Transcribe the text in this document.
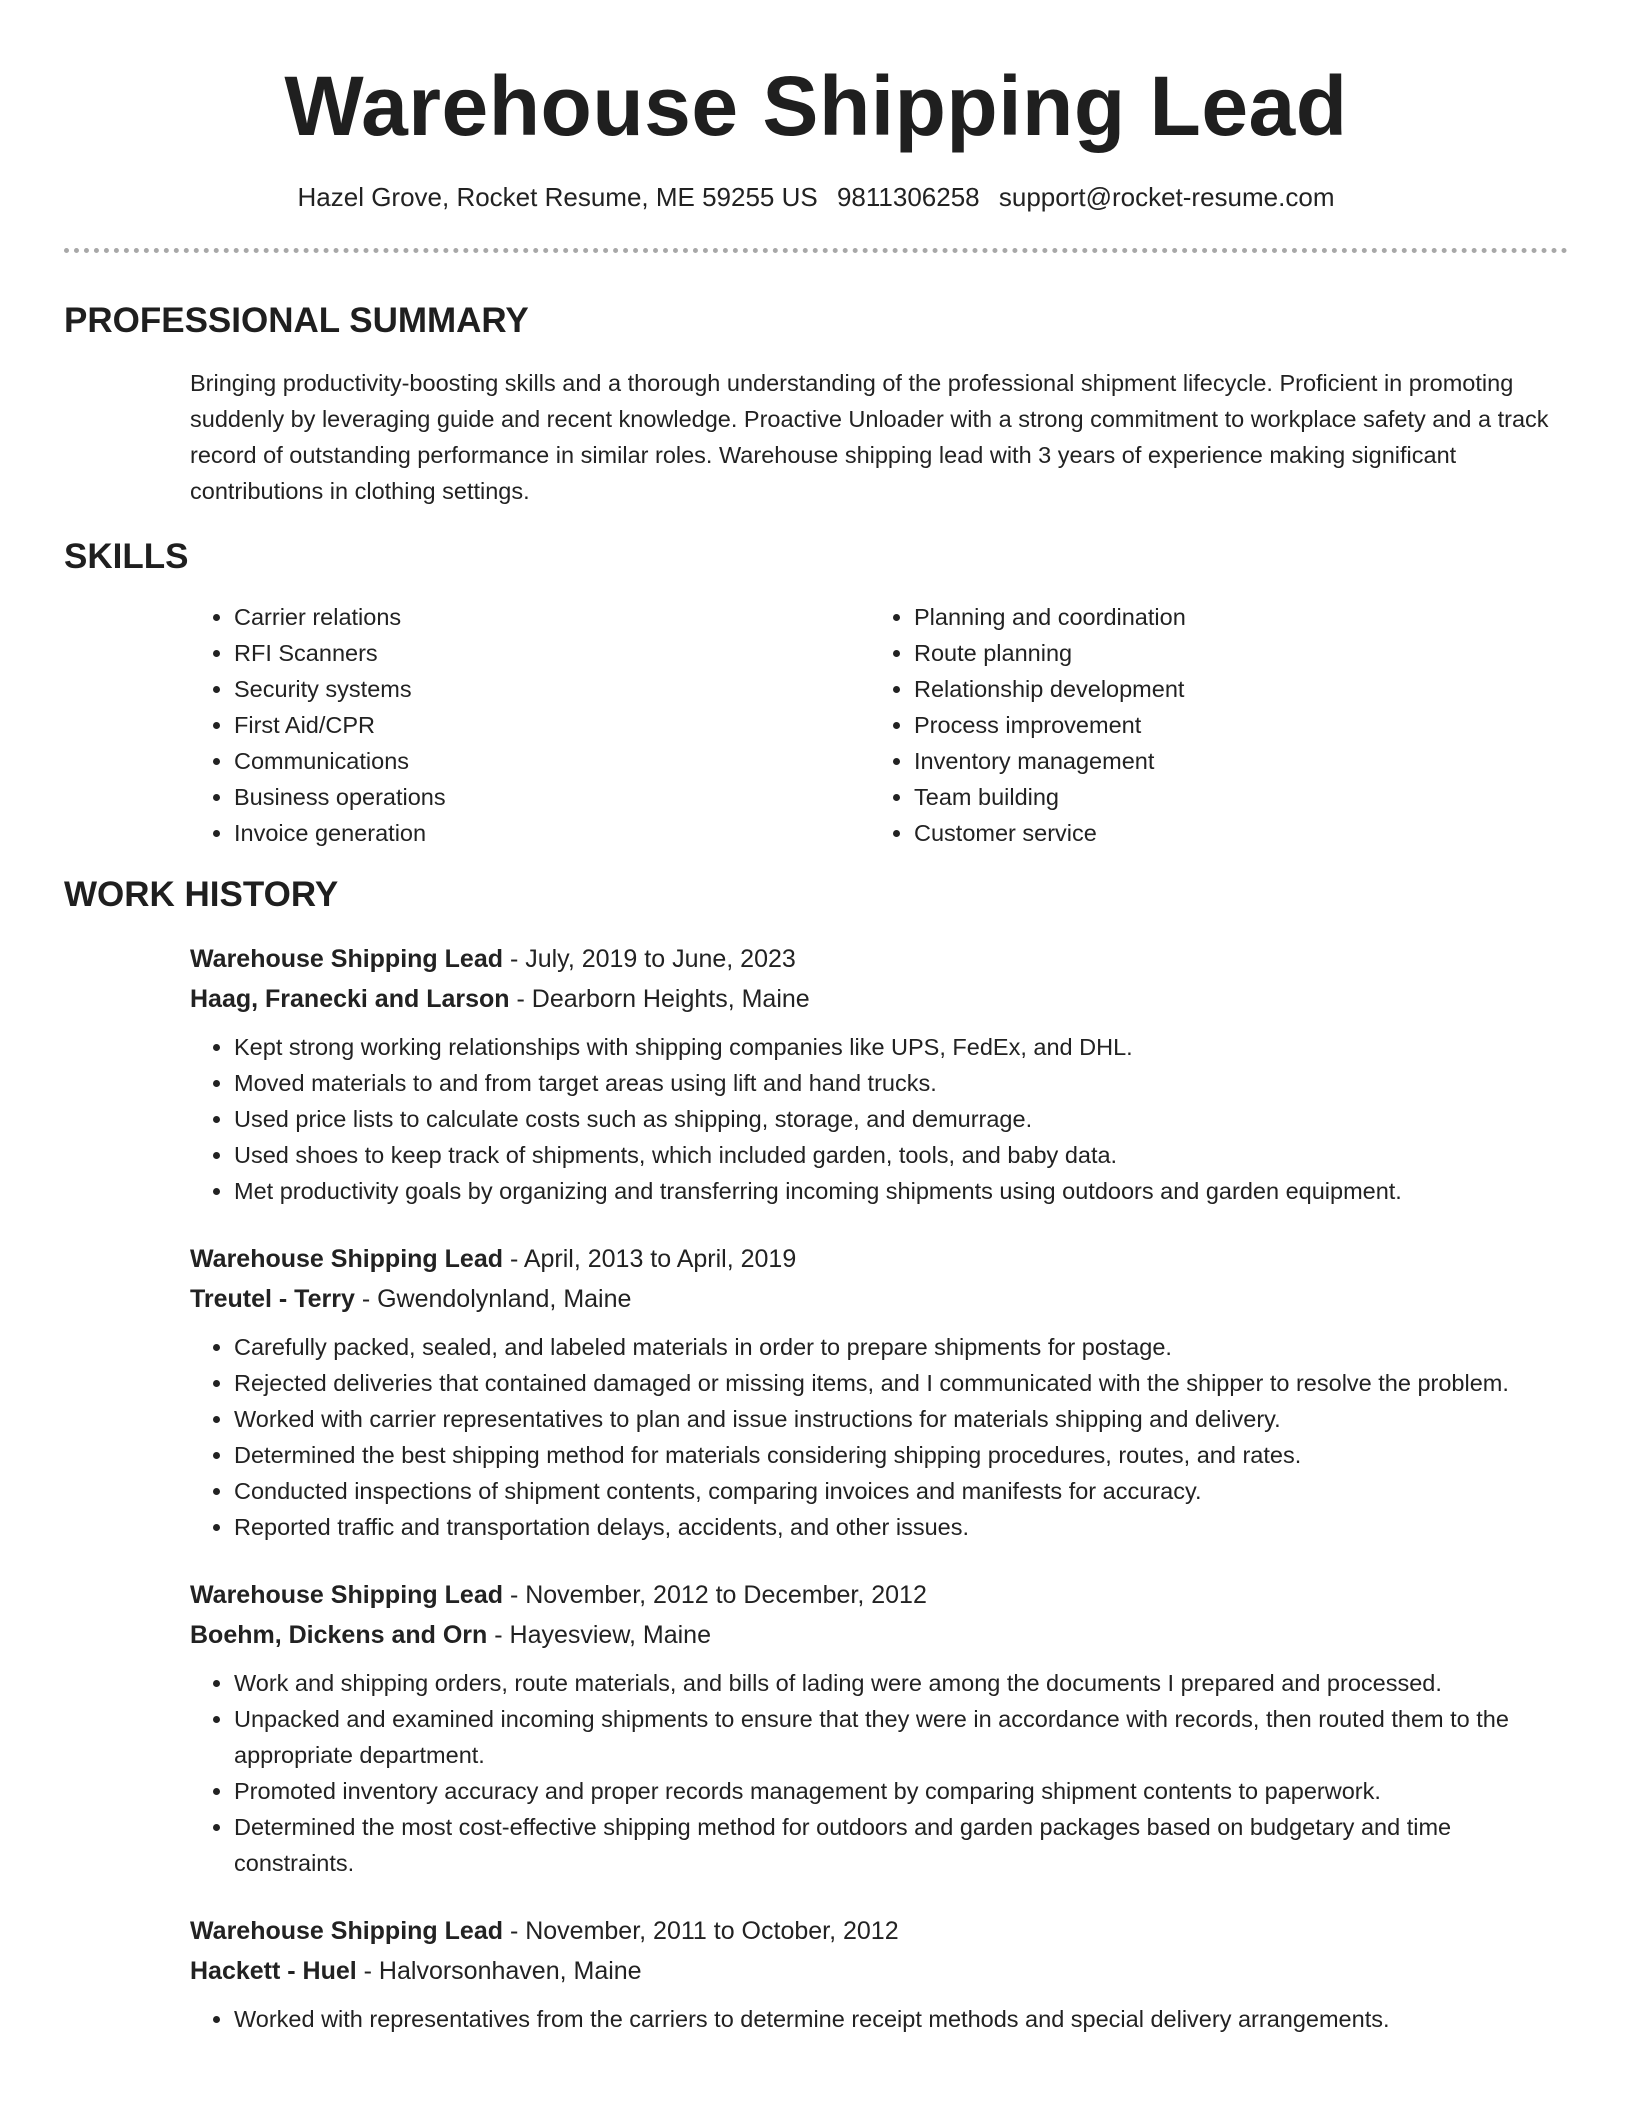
Warehouse Shipping Lead
Hazel Grove, Rocket Resume, ME 59255 US 9811306258 support@rocket-resume.com
PROFESSIONAL SUMMARY
Bringing productivity-boosting skills and a thorough understanding of the professional shipment lifecycle. Proficient in promoting suddenly by leveraging guide and recent knowledge. Proactive Unloader with a strong commitment to workplace safety and a track record of outstanding performance in similar roles. Warehouse shipping lead with 3 years of experience making significant contributions in clothing settings.
SKILLS
• Carrier relations
• RFI Scanners
• Security systems
• First Aid/CPR
• Communications
• Business operations
• Invoice generation
• Planning and coordination
• Route planning
• Relationship development
• Process improvement
• Inventory management
• Team building
• Customer service
WORK HISTORY
Warehouse Shipping Lead - July, 2019 to June, 2023
Haag, Franecki and Larson - Dearborn Heights, Maine
• Kept strong working relationships with shipping companies like UPS, FedEx, and DHL.
• Moved materials to and from target areas using lift and hand trucks.
• Used price lists to calculate costs such as shipping, storage, and demurrage.
• Used shoes to keep track of shipments, which included garden, tools, and baby data.
• Met productivity goals by organizing and transferring incoming shipments using outdoors and garden equipment.
Warehouse Shipping Lead - April, 2013 to April, 2019
Treutel - Terry - Gwendolynland, Maine
• Carefully packed, sealed, and labeled materials in order to prepare shipments for postage.
• Rejected deliveries that contained damaged or missing items, and I communicated with the shipper to resolve the problem.
• Worked with carrier representatives to plan and issue instructions for materials shipping and delivery.
• Determined the best shipping method for materials considering shipping procedures, routes, and rates.
• Conducted inspections of shipment contents, comparing invoices and manifests for accuracy.
• Reported traffic and transportation delays, accidents, and other issues.
Warehouse Shipping Lead - November, 2012 to December, 2012
Boehm, Dickens and Orn - Hayesview, Maine
• Work and shipping orders, route materials, and bills of lading were among the documents I prepared and processed.
• Unpacked and examined incoming shipments to ensure that they were in accordance with records, then routed them to the appropriate department.
• Promoted inventory accuracy and proper records management by comparing shipment contents to paperwork.
• Determined the most cost-effective shipping method for outdoors and garden packages based on budgetary and time constraints.
Warehouse Shipping Lead - November, 2011 to October, 2012
Hackett - Huel - Halvorsonhaven, Maine
• Worked with representatives from the carriers to determine receipt methods and special delivery arrangements.
